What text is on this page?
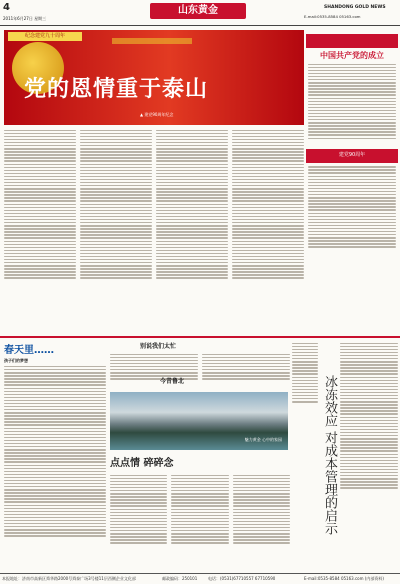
4
2011年6月27日 星期三
山东黄金	SHANDONG GOLD NEWS
E-mail:0535-8584 05163.com
纪念建党九十周年
党的恩情重于泰山
▲ 建党90周年纪念
中国共产党的成立
建党90周年
春天里……
孩子们的梦想
别说我们太忙
今昔鲁北
魅力黄金 心中的家园	冰冻效应 对成本管理的启示
点点情 碎碎念
本报地址：济南市高新区舜华路2000号舜泰广场3号楼11层西侧企业文化部	邮政编码：250101	电话：(0531)67710557 67710590	E-mail:0535-8584 05163.com (内部资料)
